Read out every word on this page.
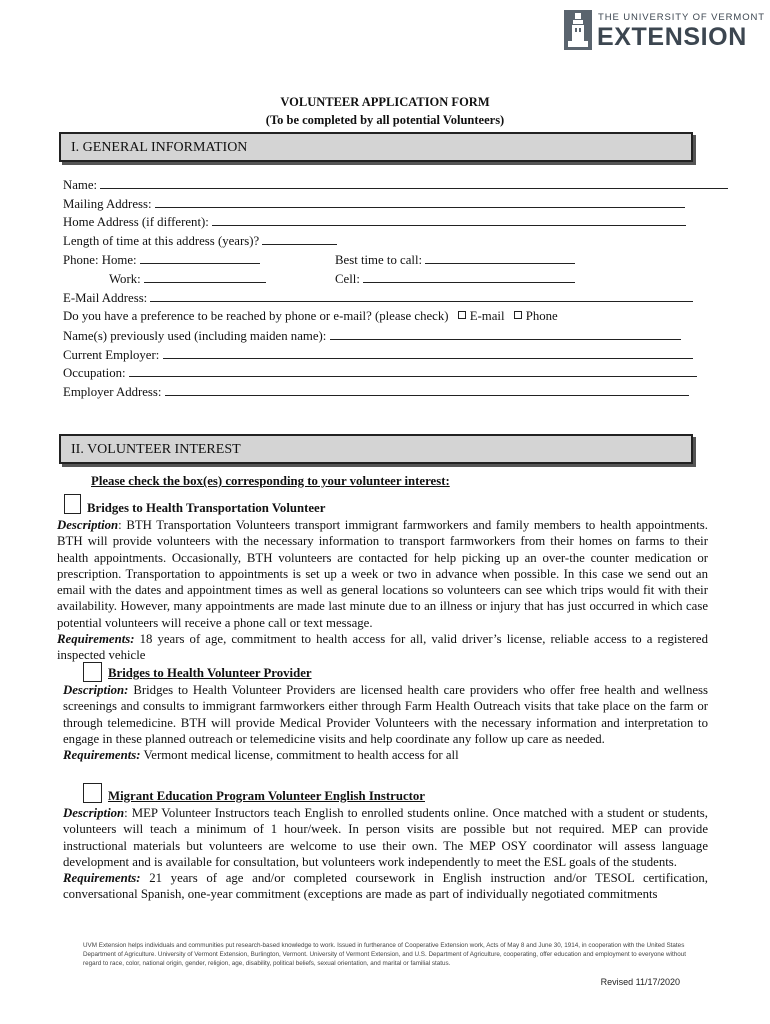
THE UNIVERSITY OF VERMONT
EXTENSION
VOLUNTEER APPLICATION FORM
(To be completed by all potential Volunteers)
I. GENERAL INFORMATION
Name:
Mailing Address:
Home Address (if different):
Length of time at this address (years)?
Phone: Home:	Best time to call:
Work:	Cell:
E-Mail Address:
Do you have a preference to be reached by phone or e-mail? (please check) E-mail Phone
Name(s) previously used (including maiden name):
Current Employer:
Occupation:
Employer Address:
II. VOLUNTEER INTEREST
Please check the box(es) corresponding to your volunteer interest:
Bridges to Health Transportation Volunteer
Description: BTH Transportation Volunteers transport immigrant farmworkers and family members to health appointments. BTH will provide volunteers with the necessary information to transport farmworkers from their homes on farms to their health appointments. Occasionally, BTH volunteers are contacted for help picking up an over-the counter medication or prescription. Transportation to appointments is set up a week or two in advance when possible. In this case we send out an email with the dates and appointment times as well as general locations so volunteers can see which trips would fit with their availability. However, many appointments are made last minute due to an illness or injury that has just occurred in which case potential volunteers will receive a phone call or text message.
Requirements: 18 years of age, commitment to health access for all, valid driver’s license, reliable access to a registered inspected vehicle
Bridges to Health Volunteer Provider
Description: Bridges to Health Volunteer Providers are licensed health care providers who offer free health and wellness screenings and consults to immigrant farmworkers either through Farm Health Outreach visits that take place on the farm or through telemedicine. BTH will provide Medical Provider Volunteers with the necessary information and interpretation to engage in these planned outreach or telemedicine visits and help coordinate any follow up care as needed.
Requirements: Vermont medical license, commitment to health access for all
Migrant Education Program Volunteer English Instructor
Description: MEP Volunteer Instructors teach English to enrolled students online. Once matched with a student or students, volunteers will teach a minimum of 1 hour/week. In person visits are possible but not required. MEP can provide instructional materials but volunteers are welcome to use their own. The MEP OSY coordinator will assess language development and is available for consultation, but volunteers work independently to meet the ESL goals of the students.
Requirements: 21 years of age and/or completed coursework in English instruction and/or TESOL certification, conversational Spanish, one-year commitment (exceptions are made as part of individually negotiated commitments
UVM Extension helps individuals and communities put research-based knowledge to work. Issued in furtherance of Cooperative Extension work, Acts of May 8 and June 30, 1914, in cooperation with the United States Department of Agriculture. University of Vermont Extension, Burlington, Vermont. University of Vermont Extension, and U.S. Department of Agriculture, cooperating, offer education and employment to everyone without regard to race, color, national origin, gender, religion, age, disability, political beliefs, sexual orientation, and marital or familial status.
Revised 11/17/2020
